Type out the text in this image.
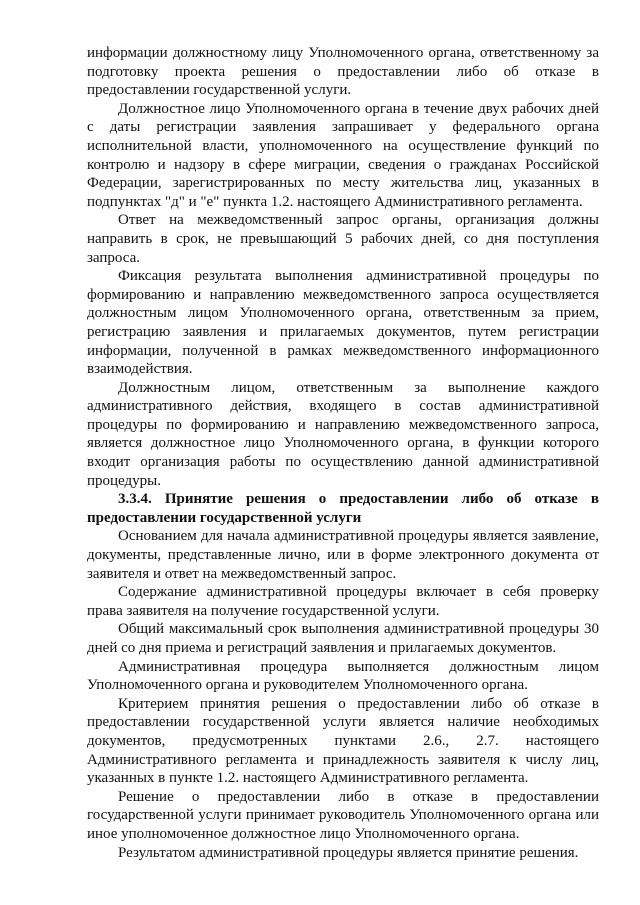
информации должностному лицу Уполномоченного органа, ответственному за подготовку проекта решения о предоставлении либо об отказе в предоставлении государственной услуги.

Должностное лицо Уполномоченного органа в течение двух рабочих дней с даты регистрации заявления запрашивает у федерального органа исполнительной власти, уполномоченного на осуществление функций по контролю и надзору в сфере миграции, сведения о гражданах Российской Федерации, зарегистрированных по месту жительства лиц, указанных в подпунктах "д" и "е" пункта 1.2. настоящего Административного регламента.

Ответ на межведомственный запрос органы, организация должны направить в срок, не превышающий 5 рабочих дней, со дня поступления запроса.

Фиксация результата выполнения административной процедуры по формированию и направлению межведомственного запроса осуществляется должностным лицом Уполномоченного органа, ответственным за прием, регистрацию заявления и прилагаемых документов, путем регистрации информации, полученной в рамках межведомственного информационного взаимодействия.

Должностным лицом, ответственным за выполнение каждого административного действия, входящего в состав административной процедуры по формированию и направлению межведомственного запроса, является должностное лицо Уполномоченного органа, в функции которого входит организация работы по осуществлению данной административной процедуры.

3.3.4. Принятие решения о предоставлении либо об отказе в предоставлении государственной услуги

Основанием для начала административной процедуры является заявление, документы, представленные лично, или в форме электронного документа от заявителя и ответ на межведомственный запрос.

Содержание административной процедуры включает в себя проверку права заявителя на получение государственной услуги.

Общий максимальный срок выполнения административной процедуры 30 дней со дня приема и регистраций заявления и прилагаемых документов.

Административная процедура выполняется должностным лицом Уполномоченного органа и руководителем Уполномоченного органа.

Критерием принятия решения о предоставлении либо об отказе в предоставлении государственной услуги является наличие необходимых документов, предусмотренных пунктами 2.6., 2.7. настоящего Административного регламента и принадлежность заявителя к числу лиц, указанных в пункте 1.2. настоящего Административного регламента.

Решение о предоставлении либо в отказе в предоставлении государственной услуги принимает руководитель Уполномоченного органа или иное уполномоченное должностное лицо Уполномоченного органа.

Результатом административной процедуры является принятие решения.
